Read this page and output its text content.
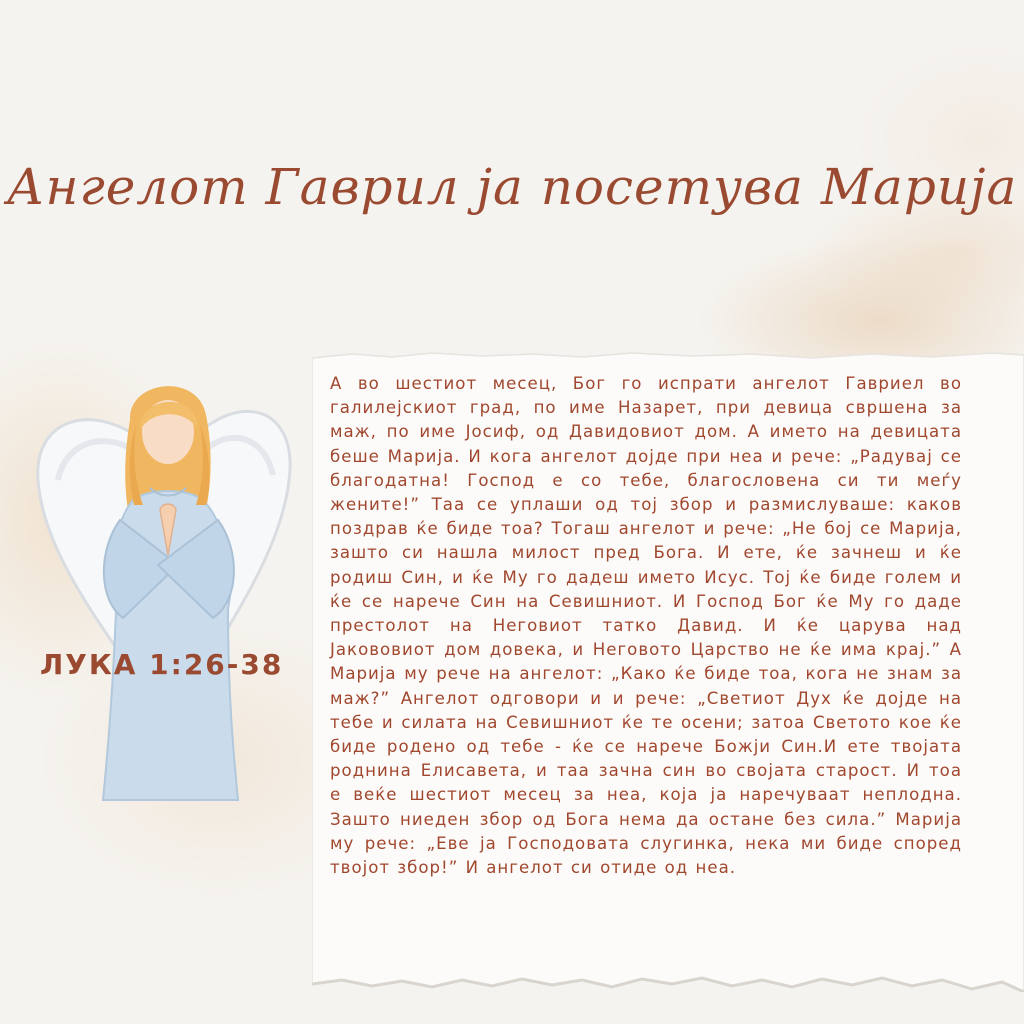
Ангелот Гаврил ја посетува Марија
ЛУКА 1:26-38

А во шестиот месец, Бог го испрати ангелот Гавриел во галилејскиот град, по име Назарет, при девица свршена за маж, по име Јосиф, од Давидовиот дом. А името на девицата беше Марија. И кога ангелот дојде при неа и рече: „Радувај се благодатна! Господ е со тебе, благословена си ти меѓу жените!” Таа се уплаши од тој збор и размислуваше: каков поздрав ќе биде тоа? Тогаш ангелот и рече: „Не бој се Марија, зашто си нашла милост пред Бога. И ете, ќе зачнеш и ќе родиш Син, и ќе Му го дадеш името Исус. Тој ќе биде голем и ќе се нарече Син на Севишниот. И Господ Бог ќе Му го даде престолот на Неговиот татко Давид. И ќе царува над Јакововиот дом довека, и Неговото Царство не ќе има крај.” А Марија му рече на ангелот: „Како ќе биде тоа, кога не знам за маж?” Ангелот одговори и и рече: „Светиот Дух ќе дојде на тебе и силата на Севишниот ќе те осени; затоа Светото кое ќе биде родено од тебе - ќе се нарече Божји Син.И ете твојата роднина Елисавета, и таа зачна син во својата старост. И тоа е веќе шестиот месец за неа, која ја наречуваат неплодна. Зашто ниеден збор од Бога нема да остане без сила.” Марија му рече: „Еве ја Господовата слугинка, нека ми биде според твојот збор!” И ангелот си отиде од неа.
